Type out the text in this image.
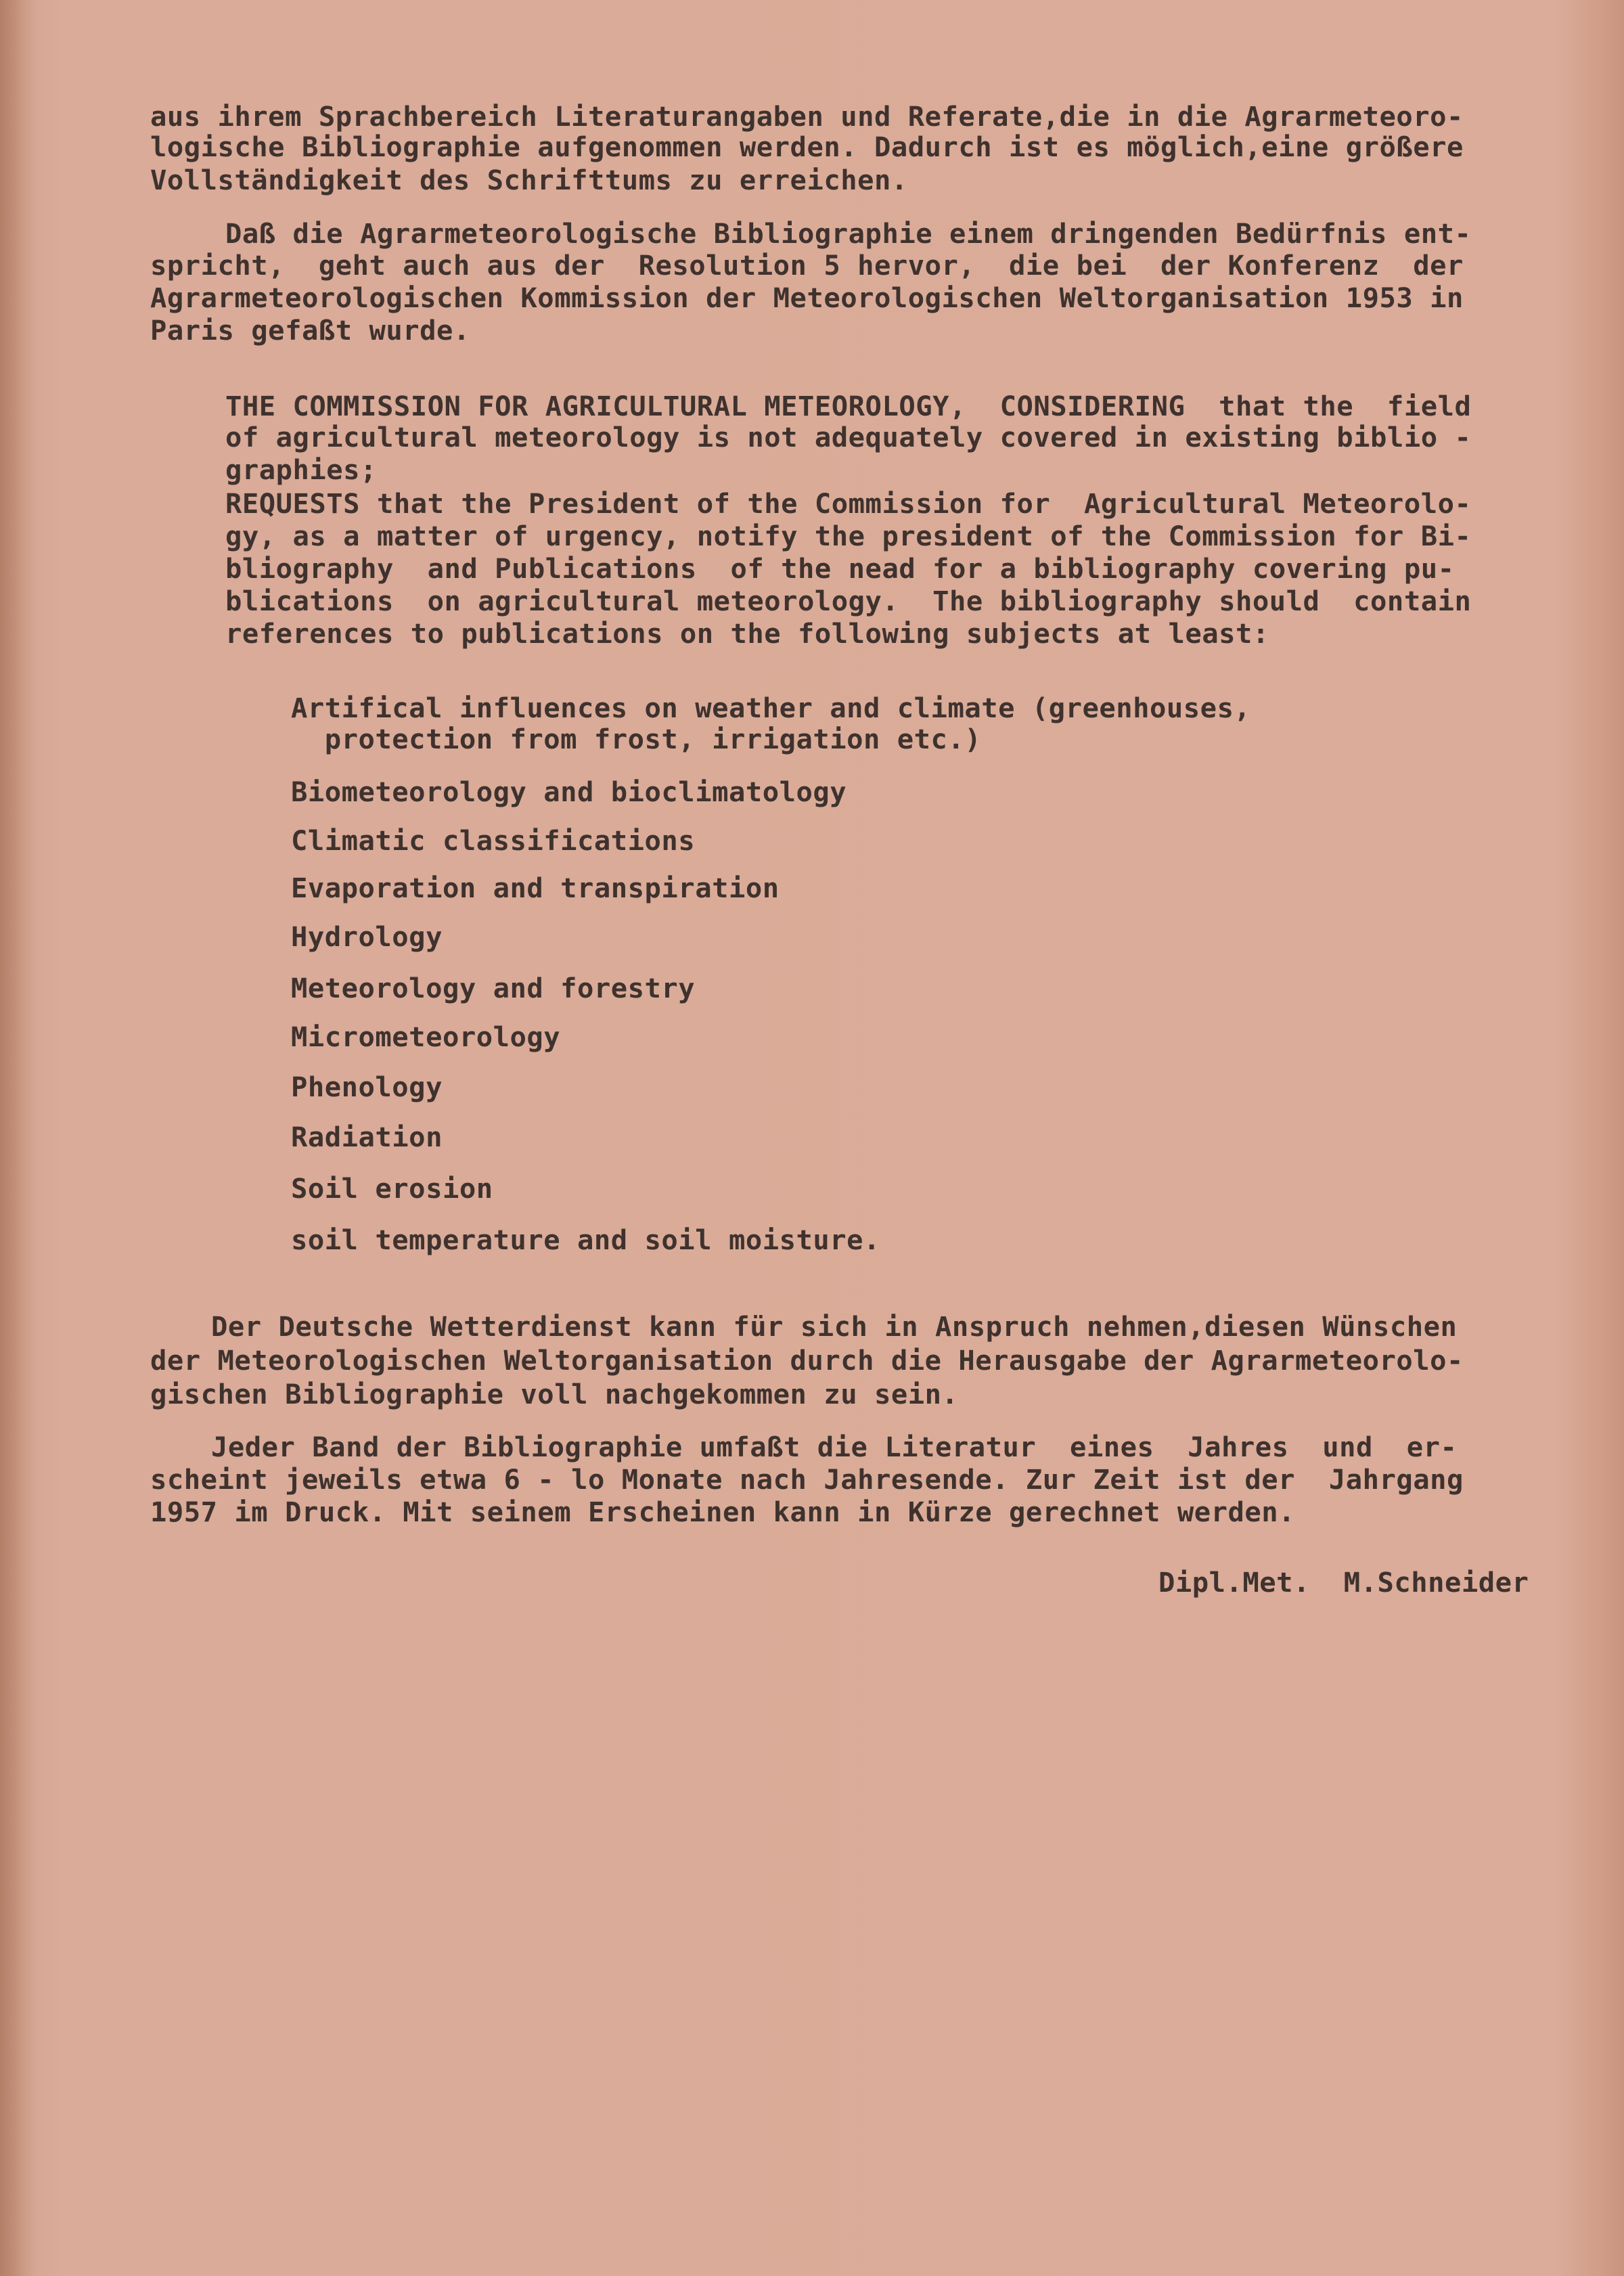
aus ihrem Sprachbereich Literaturangaben und Referate,die in die Agrarmeteoro-
logische Bibliographie aufgenommen werden. Dadurch ist es möglich,eine größere
Vollständigkeit des Schrifttums zu erreichen.
Daß die Agrarmeteorologische Bibliographie einem dringenden Bedürfnis ent-
spricht,  geht auch aus der  Resolution 5 hervor,  die bei  der Konferenz  der
Agrarmeteorologischen Kommission der Meteorologischen Weltorganisation 1953 in
Paris gefaßt wurde.
THE COMMISSION FOR AGRICULTURAL METEOROLOGY,  CONSIDERING  that the  field
of agricultural meteorology is not adequately covered in existing biblio -
graphies;
REQUESTS that the President of the Commission for  Agricultural Meteorolo-
gy, as a matter of urgency, notify the president of the Commission for Bi-
bliography  and Publications  of the nead for a bibliography covering pu-
blications  on agricultural meteorology.  The bibliography should  contain
references to publications on the following subjects at least:
Artifical influences on weather and climate (greenhouses,
protection from frost, irrigation etc.)
Biometeorology and bioclimatology
Climatic classifications
Evaporation and transpiration
Hydrology
Meteorology and forestry
Micrometeorology
Phenology
Radiation
Soil erosion
soil temperature and soil moisture.
Der Deutsche Wetterdienst kann für sich in Anspruch nehmen,diesen Wünschen
der Meteorologischen Weltorganisation durch die Herausgabe der Agrarmeteorolo-
gischen Bibliographie voll nachgekommen zu sein.
Jeder Band der Bibliographie umfaßt die Literatur  eines  Jahres  und  er-
scheint jeweils etwa 6 - lo Monate nach Jahresende. Zur Zeit ist der  Jahrgang
1957 im Druck. Mit seinem Erscheinen kann in Kürze gerechnet werden.
Dipl.Met.  M.Schneider
